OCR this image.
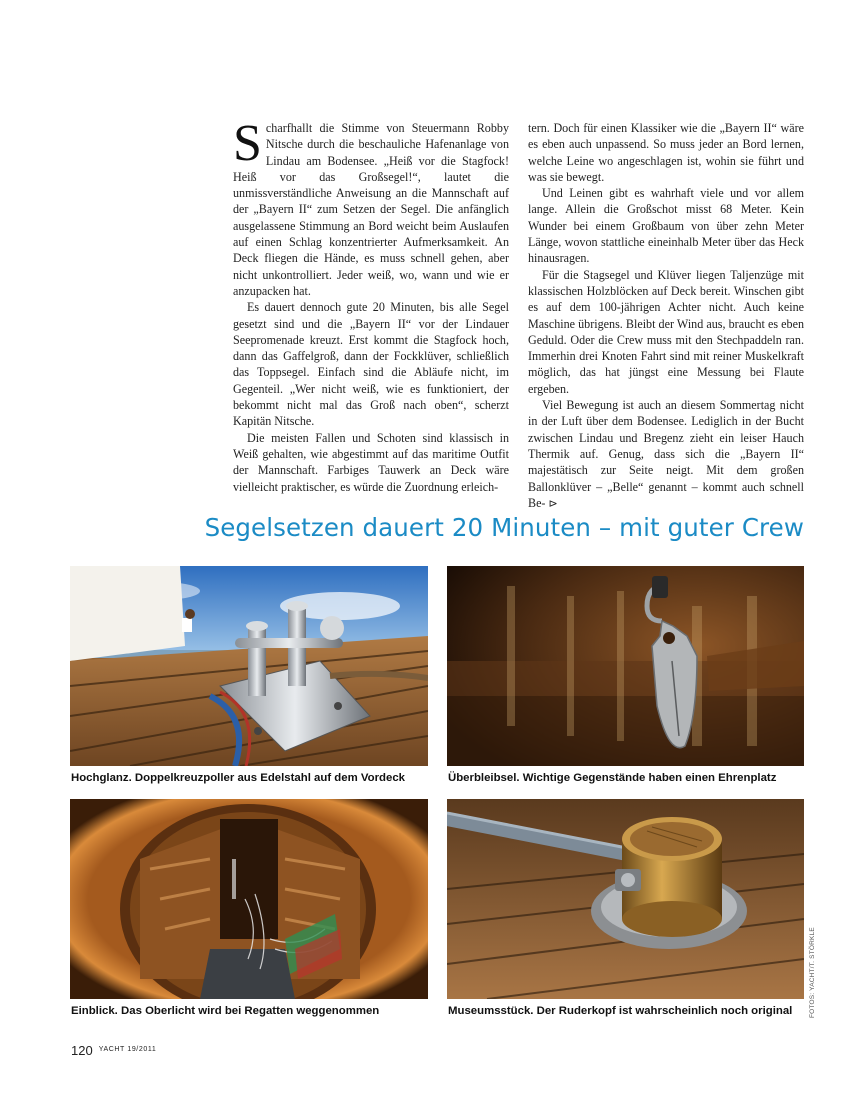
Scharfhallt die Stimme von Steuermann Robby Nitsche durch die beschauliche Hafenanlage von Lindau am Bodensee. „Heiß vor die Stagfock! Heiß vor das Großsegel!“, lautet die unmissverständliche Anweisung an die Mannschaft auf der „Bayern II“ zum Setzen der Segel. Die anfänglich ausgelassene Stimmung an Bord weicht beim Auslaufen auf einen Schlag konzentrierter Aufmerksamkeit. An Deck fliegen die Hände, es muss schnell gehen, aber nicht unkontrolliert. Jeder weiß, wo, wann und wie er anzupacken hat.

Es dauert dennoch gute 20 Minuten, bis alle Segel gesetzt sind und die „Bayern II“ vor der Lindauer Seepromenade kreuzt. Erst kommt die Stagfock hoch, dann das Gaffelgroß, dann der Fockklüver, schließlich das Toppsegel. Einfach sind die Abläufe nicht, im Gegenteil. „Wer nicht weiß, wie es funktioniert, der bekommt nicht mal das Groß nach oben“, scherzt Kapitän Nitsche.

Die meisten Fallen und Schoten sind klassisch in Weiß gehalten, wie abgestimmt auf das maritime Outfit der Mannschaft. Farbiges Tauwerk an Deck wäre vielleicht praktischer, es würde die Zuordnung erleich-

tern. Doch für einen Klassiker wie die „Bayern II“ wäre es eben auch unpassend. So muss jeder an Bord lernen, welche Leine wo angeschlagen ist, wohin sie führt und was sie bewegt.

Und Leinen gibt es wahrhaft viele und vor allem lange. Allein die Großschot misst 68 Meter. Kein Wunder bei einem Großbaum von über zehn Meter Länge, wovon stattliche eineinhalb Meter über das Heck hinausragen.

Für die Stagsegel und Klüver liegen Taljenzüge mit klassischen Holzblöcken auf Deck bereit. Winschen gibt es auf dem 100-jährigen Achter nicht. Auch keine Maschine übrigens. Bleibt der Wind aus, braucht es eben Geduld. Oder die Crew muss mit den Stechpaddeln ran. Immerhin drei Knoten Fahrt sind mit reiner Muskelkraft möglich, das hat jüngst eine Messung bei Flaute ergeben.

Viel Bewegung ist auch an diesem Sommertag nicht in der Luft über dem Bodensee. Lediglich in der Bucht zwischen Lindau und Bregenz zieht ein leiser Hauch Thermik auf. Genug, dass sich die „Bayern II“ majestätisch zur Seite neigt. Mit dem großen Ballonklüver – „Belle“ genannt – kommt auch schnell Be- ⊳

Segelsetzen dauert 20 Minuten – mit guter Crew
Hochglanz. Doppelkreuzpoller aus Edelstahl auf dem Vordeck	Überbleibsel. Wichtige Gegenstände haben einen Ehrenplatz
Einblick. Das Oberlicht wird bei Regatten weggenommen	Museumsstück. Der Ruderkopf ist wahrscheinlich noch original	FOTOS: YACHT/T. STÖRKLE
120 $^{YACHT 19/2011}$
